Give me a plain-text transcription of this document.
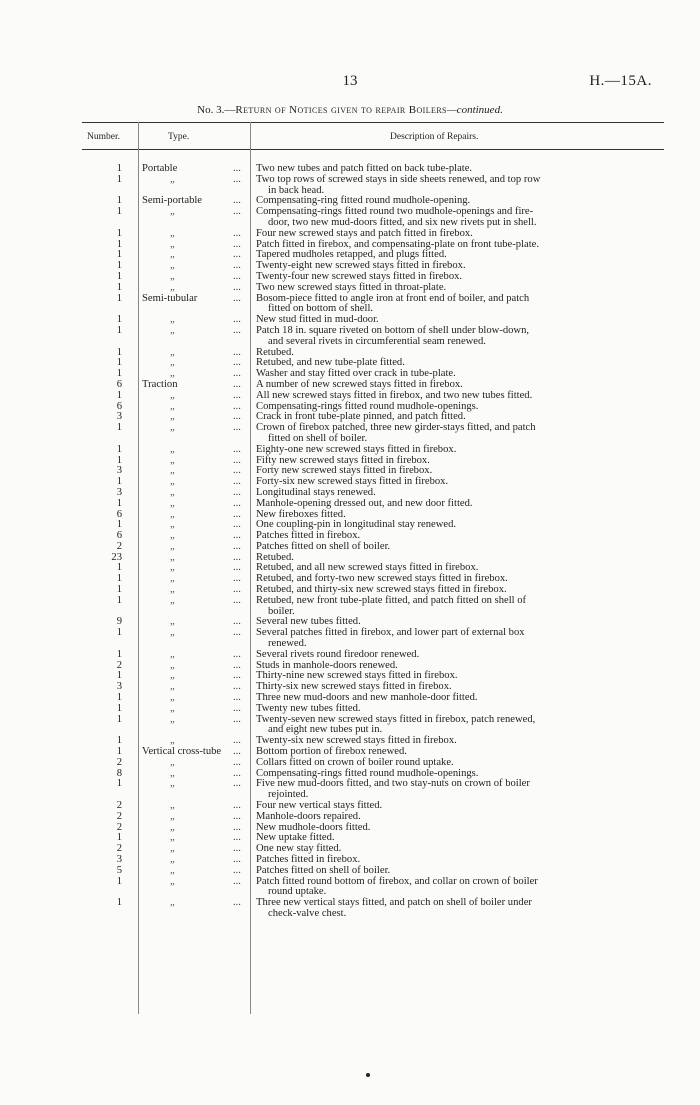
13	H.—15A.
No. 3.—Return of Notices given to repair Boilers—continued.
Number.	Type.	Description of Repairs.
1 Portable	...	Two new tubes and patch fitted on back tube-plate.
1	„	...	Two top rows of screwed stays in side sheets renewed, and top row
in back head.
1 Semi-portable	...	Compensating-ring fitted round mudhole-opening.
1	„	...	Compensating-rings fitted round two mudhole-openings and fire-
door, two new mud-doors fitted, and six new rivets put in shell.
1	„	...	Four new screwed stays and patch fitted in firebox.
1	„	...	Patch fitted in firebox, and compensating-plate on front tube-plate.
1	„	...	Tapered mudholes retapped, and plugs fitted.
1	„	...	Twenty-eight new screwed stays fitted in firebox.
1	„	...	Twenty-four new screwed stays fitted in firebox.
1	„	...	Two new screwed stays fitted in throat-plate.
1 Semi-tubular	...	Bosom-piece fitted to angle iron at front end of boiler, and patch
fitted on bottom of shell.
1	„	...	New stud fitted in mud-door.
1	„	...	Patch 18 in. square riveted on bottom of shell under blow-down,
and several rivets in circumferential seam renewed.
1	„	...	Retubed.
1	„	...	Retubed, and new tube-plate fitted.
1	„	...	Washer and stay fitted over crack in tube-plate.
6 Traction	...	A number of new screwed stays fitted in firebox.
1	„	...	All new screwed stays fitted in firebox, and two new tubes fitted.
6	„	...	Compensating-rings fitted round mudhole-openings.
3	„	...	Crack in front tube-plate pinned, and patch fitted.
1	„	...	Crown of firebox patched, three new girder-stays fitted, and patch
fitted on shell of boiler.
1	„	...	Eighty-one new screwed stays fitted in firebox.
1	„	...	Fifty new screwed stays fitted in firebox.
3	„	...	Forty new screwed stays fitted in firebox.
1	„	...	Forty-six new screwed stays fitted in firebox.
3	„	...	Longitudinal stays renewed.
1	„	...	Manhole-opening dressed out, and new door fitted.
6	„	...	New fireboxes fitted.
1	„	...	One coupling-pin in longitudinal stay renewed.
6	„	...	Patches fitted in firebox.
2	„	...	Patches fitted on shell of boiler.
23	„	...	Retubed.
1	„	...	Retubed, and all new screwed stays fitted in firebox.
1	„	...	Retubed, and forty-two new screwed stays fitted in firebox.
1	„	...	Retubed, and thirty-six new screwed stays fitted in firebox.
1	„	...	Retubed, new front tube-plate fitted, and patch fitted on shell of
boiler.
9	„	...	Several new tubes fitted.
1	„	...	Several patches fitted in firebox, and lower part of external box
renewed.
1	„	...	Several rivets round firedoor renewed.
2	„	...	Studs in manhole-doors renewed.
1	„	...	Thirty-nine new screwed stays fitted in firebox.
3	„	...	Thirty-six new screwed stays fitted in firebox.
1	„	...	Three new mud-doors and new manhole-door fitted.
1	„	...	Twenty new tubes fitted.
1	„	...	Twenty-seven new screwed stays fitted in firebox, patch renewed,
and eight new tubes put in.
1	„	...	Twenty-six new screwed stays fitted in firebox.
1 Vertical cross-tube	...	Bottom portion of firebox renewed.
2	„	...	Collars fitted on crown of boiler round uptake.
8	„	...	Compensating-rings fitted round mudhole-openings.
1	„	...	Five new mud-doors fitted, and two stay-nuts on crown of boiler
rejointed.
2	„	...	Four new vertical stays fitted.
2	„	...	Manhole-doors repaired.
2	„	...	New mudhole-doors fitted.
1	„	...	New uptake fitted.
2	„	...	One new stay fitted.
3	„	...	Patches fitted in firebox.
5	„	...	Patches fitted on shell of boiler.
1	„	...	Patch fitted round bottom of firebox, and collar on crown of boiler
round uptake.
1	„	...	Three new vertical stays fitted, and patch on shell of boiler under
check-valve chest.
